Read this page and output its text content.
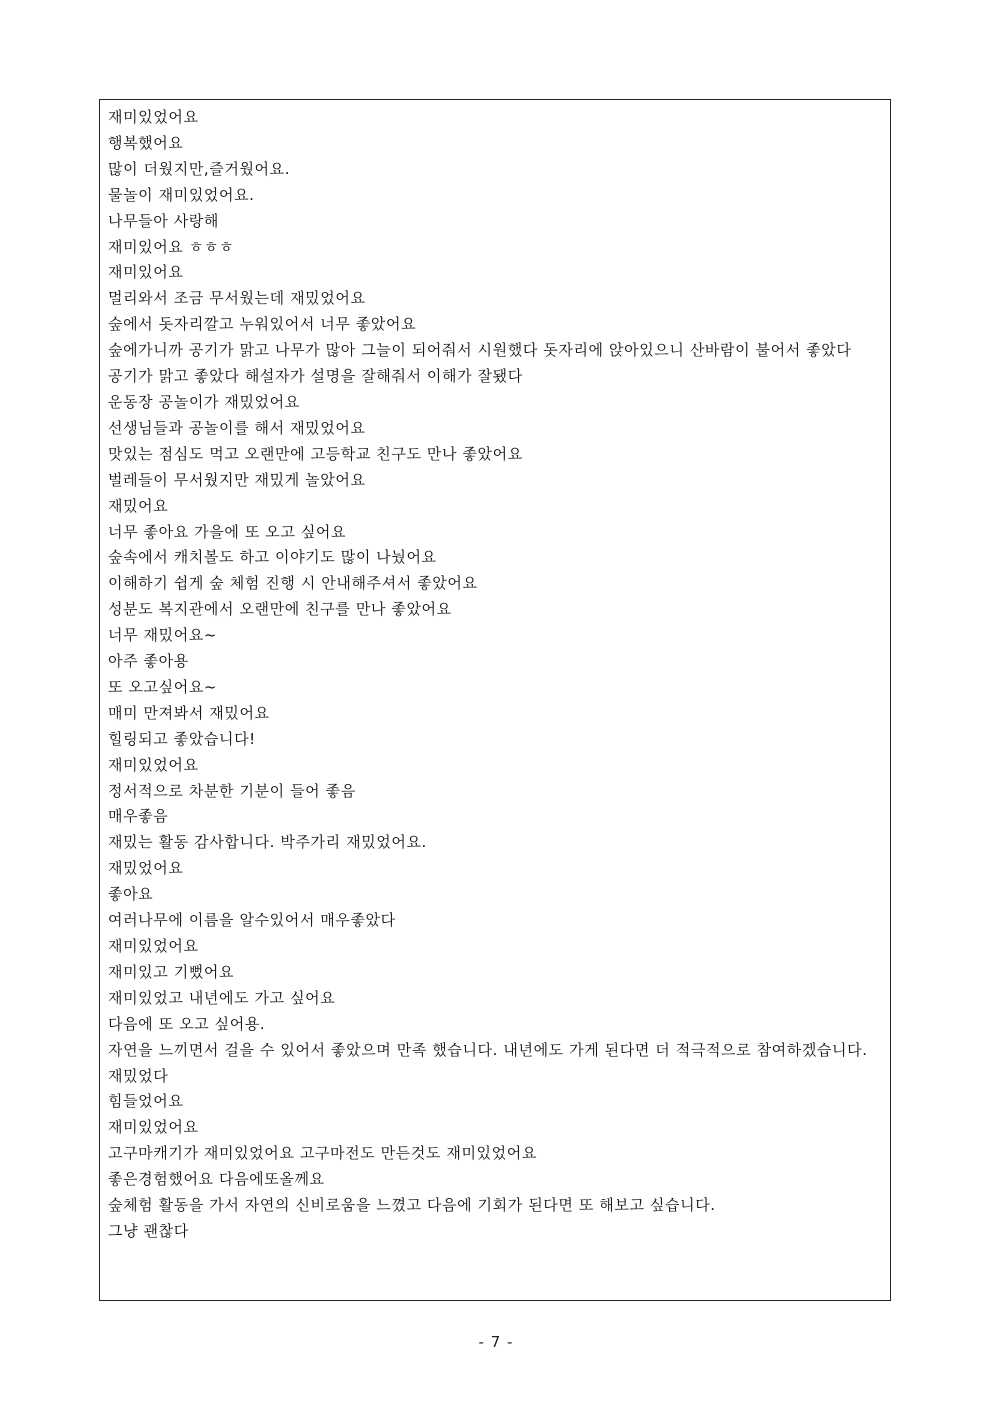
재미있었어요
행복했어요
많이 더웠지만,즐거웠어요.
물놀이 재미있었어요.
나무들아 사랑해
재미있어요 ㅎㅎㅎ
재미있어요
멀리와서 조금 무서웠는데 재밌었어요
숲에서 돗자리깔고 누워있어서 너무 좋았어요
숲에가니까 공기가 맑고 나무가 많아 그늘이 되어줘서 시원했다 돗자리에 앉아있으니 산바람이 불어서 좋았다
공기가 맑고 좋았다 해설자가 설명을 잘해줘서 이해가 잘됐다
운동장 공놀이가 재밌었어요
선생님들과 공놀이를 해서 재밌었어요
맛있는 점심도 먹고 오랜만에 고등학교 친구도 만나 좋았어요
벌레들이 무서웠지만 재밌게 놀았어요
재밌어요
너무 좋아요 가을에 또 오고 싶어요
숲속에서 캐치볼도 하고 이야기도 많이 나눴어요
이해하기 쉽게 숲 체험 진행 시 안내해주셔서 좋았어요
성분도 복지관에서 오랜만에 친구를 만나 좋았어요
너무 재밌어요~
아주 좋아용
또 오고싶어요~
매미 만져봐서 재밌어요
힐링되고 좋았습니다!
재미있었어요
정서적으로 차분한 기분이 들어 좋음
매우좋음
재밌는 활동 감사합니다. 박주가리 재밌었어요.
재밌었어요
좋아요
여러나무에 이름을 알수있어서 매우좋았다
재미있었어요
재미있고 기뻤어요
재미있었고 내년에도 가고 싶어요
다음에 또 오고 싶어용.
자연을 느끼면서 걸을 수 있어서 좋았으며 만족 했습니다. 내년에도 가게 된다면 더 적극적으로 참여하겠습니다.
재밌었다
힘들었어요
재미있었어요
고구마캐기가 재미있었어요 고구마전도 만든것도 재미있었어요
좋은경험했어요 다음에또올께요
숲체험 활동을 가서 자연의 신비로움을 느꼈고 다음에 기회가 된다면 또 해보고 싶습니다.
그냥 괜찮다
- 7 -
